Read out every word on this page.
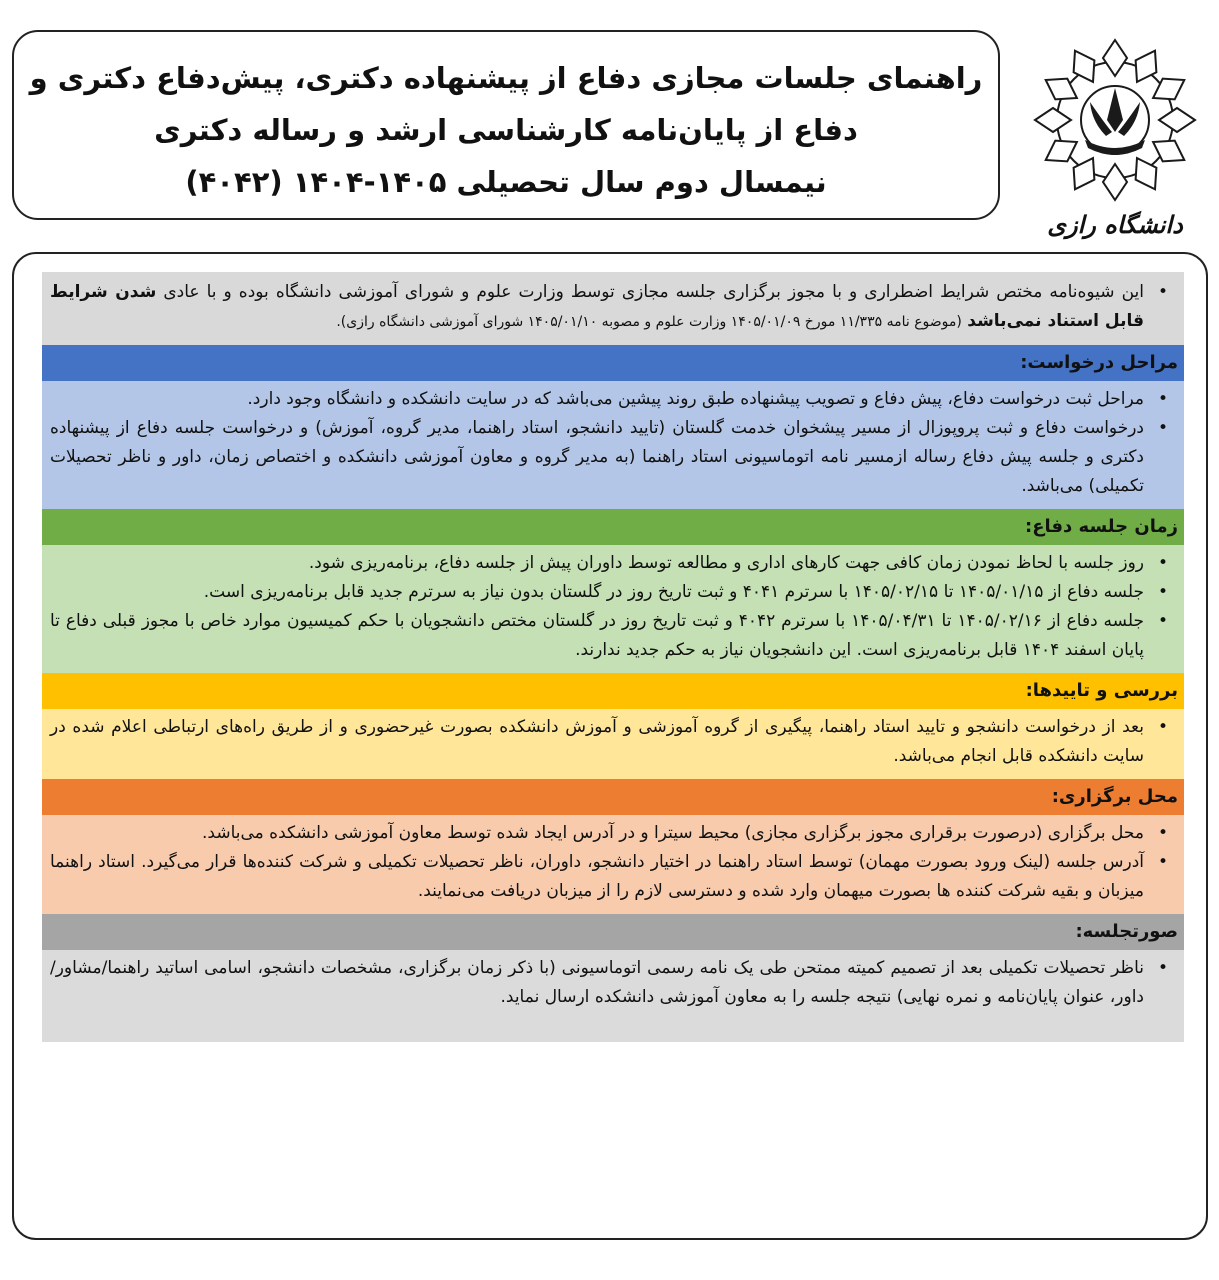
راهنمای جلسات مجازی دفاع از پیشنهاده دکتری، پیش‌دفاع دکتری و
دفاع از پایان‌نامه کارشناسی ارشد و رساله دکتری
نیمسال دوم سال تحصیلی ۱۴۰۵-۱۴۰۴ (۴۰۴۲)
دانشگاه رازی
• این شیوه‌نامه مختص شرایط اضطراری و با مجوز برگزاری جلسه مجازی توسط وزارت علوم و شورای آموزشی دانشگاه بوده و با عادی شدن شرایط قابل استناد نمی‌باشد (موضوع نامه ۱۱/۳۳۵ مورخ ۱۴۰۵/۰۱/۰۹ وزارت علوم و مصوبه ۱۴۰۵/۰۱/۱۰ شورای آموزشی دانشگاه رازی).
مراحل درخواست:
• مراحل ثبت درخواست دفاع، پیش دفاع و تصویب پیشنهاده طبق روند پیشین می‌باشد که در سایت دانشکده و دانشگاه وجود دارد.
• درخواست دفاع و ثبت پروپوزال از مسیر پیشخوان خدمت گلستان (تایید دانشجو، استاد راهنما، مدیر گروه، آموزش) و درخواست جلسه دفاع از پیشنهاده دکتری و جلسه پیش دفاع رساله ازمسیر نامه اتوماسیونی استاد راهنما (به مدیر گروه و معاون آموزشی دانشکده و اختصاص زمان، داور و ناظر تحصیلات تکمیلی) می‌باشد.
زمان جلسه دفاع:
• روز جلسه با لحاظ نمودن زمان کافی جهت کارهای اداری و مطالعه توسط داوران پیش از جلسه دفاع، برنامه‌ریزی شود.
• جلسه دفاع از ۱۴۰۵/۰۱/۱۵ تا ۱۴۰۵/۰۲/۱۵ با سرترم ۴۰۴۱ و ثبت تاریخ روز در گلستان بدون نیاز به سرترم جدید قابل برنامه‌ریزی است.
• جلسه دفاع از ۱۴۰۵/۰۲/۱۶ تا ۱۴۰۵/۰۴/۳۱ با سرترم ۴۰۴۲ و ثبت تاریخ روز در گلستان مختص دانشجویان با حکم کمیسیون موارد خاص با مجوز قبلی دفاع تا پایان اسفند ۱۴۰۴ قابل برنامه‌ریزی است. این دانشجویان نیاز به حکم جدید ندارند.
بررسی و تاییدها:
• بعد از درخواست دانشجو و تایید استاد راهنما، پیگیری از گروه آموزشی و آموزش دانشکده بصورت غیرحضوری و از طریق راه‌های ارتباطی اعلام شده در سایت دانشکده قابل انجام می‌باشد.
محل برگزاری:
• محل برگزاری (درصورت برقراری مجوز برگزاری مجازی) محیط سیترا و در آدرس ایجاد شده توسط معاون آموزشی دانشکده می‌باشد.
• آدرس جلسه (لینک ورود بصورت مهمان) توسط استاد راهنما در اختیار دانشجو، داوران، ناظر تحصیلات تکمیلی و شرکت کننده‌ها قرار می‌گیرد. استاد راهنما میزبان و بقیه شرکت کننده ها بصورت میهمان وارد شده و دسترسی لازم را از میزبان دریافت می‌نمایند.
صورتجلسه:
• ناظر تحصیلات تکمیلی بعد از تصمیم کمیته ممتحن طی یک نامه رسمی اتوماسیونی (با ذکر زمان برگزاری، مشخصات دانشجو، اسامی اساتید راهنما/مشاور/داور، عنوان پایان‌نامه و نمره نهایی) نتیجه جلسه را به معاون آموزشی دانشکده ارسال نماید.
